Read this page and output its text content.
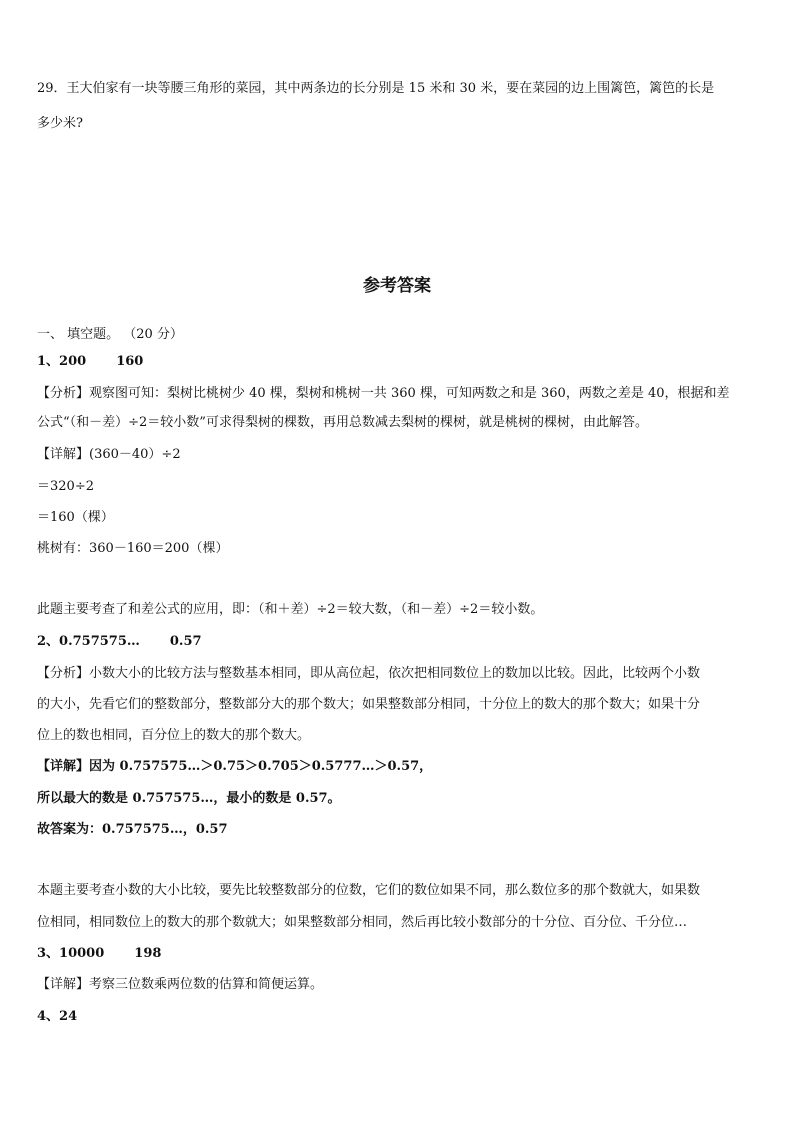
29．王大伯家有一块等腰三角形的菜园，其中两条边的长分别是 15 米和 30 米，要在菜园的边上围篱笆，篱笆的长是
多少米?
参考答案
一、 填空题。 （20 分）
1、200 160
【分析】观察图可知：梨树比桃树少 40 棵，梨树和桃树一共 360 棵，可知两数之和是 360，两数之差是 40，根据和差
公式“（和－差）÷2＝较小数”可求得梨树的棵数，再用总数减去梨树的棵树，就是桃树的棵树，由此解答。
【详解】(360－40）÷2
＝320÷2
＝160（棵）
桃树有：360－160＝200（棵）
此题主要考查了和差公式的应用，即：（和＋差）÷2＝较大数，（和－差）÷2＝较小数。
2、0.757575… 0.57
【分析】小数大小的比较方法与整数基本相同，即从高位起，依次把相同数位上的数加以比较。因此，比较两个小数
的大小，先看它们的整数部分，整数部分大的那个数大；如果整数部分相同，十分位上的数大的那个数大；如果十分
位上的数也相同，百分位上的数大的那个数大。
【详解】因为 0.757575…＞0.75＞0.705＞0.5777…＞0.57，
所以最大的数是 0.757575…，最小的数是 0.57。
故答案为：0.757575…，0.57
本题主要考查小数的大小比较，要先比较整数部分的位数，它们的数位如果不同，那么数位多的那个数就大，如果数
位相同，相同数位上的数大的那个数就大；如果整数部分相同，然后再比较小数部分的十分位、百分位、千分位…
3、10000 198
【详解】考察三位数乘两位数的估算和简便运算。
4、24
